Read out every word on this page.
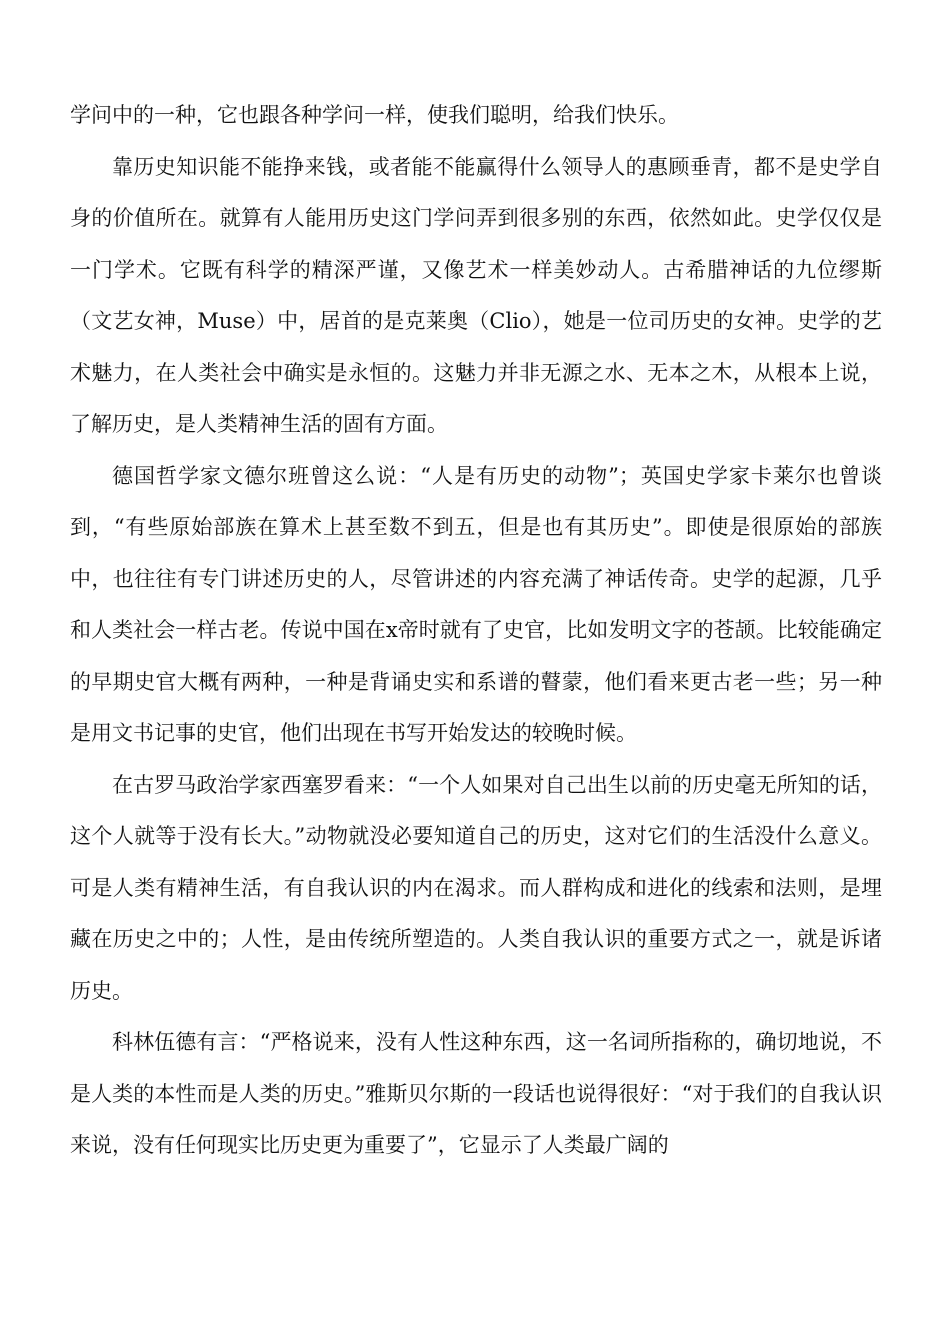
学问中的一种，它也跟各种学问一样，使我们聪明，给我们快乐。

靠历史知识能不能挣来钱，或者能不能赢得什么领导人的惠顾垂青，都不是史学自身的价值所在。就算有人能用历史这门学问弄到很多别的东西，依然如此。史学仅仅是一门学术。它既有科学的精深严谨，又像艺术一样美妙动人。古希腊神话的九位缪斯（文艺女神，Muse）中，居首的是克莱奥（Clio），她是一位司历史的女神。史学的艺术魅力，在人类社会中确实是永恒的。这魅力并非无源之水、无本之木，从根本上说，了解历史，是人类精神生活的固有方面。

德国哲学家文德尔班曾这么说：“人是有历史的动物”；英国史学家卡莱尔也曾谈到，“有些原始部族在算术上甚至数不到五，但是也有其历史”。即使是很原始的部族中，也往往有专门讲述历史的人，尽管讲述的内容充满了神话传奇。史学的起源，几乎和人类社会一样古老。传说中国在x帝时就有了史官，比如发明文字的苍颉。比较能确定的早期史官大概有两种，一种是背诵史实和系谱的瞽蒙，他们看来更古老一些；另一种是用文书记事的史官，他们出现在书写开始发达的较晚时候。

在古罗马政治学家西塞罗看来：“一个人如果对自己出生以前的历史毫无所知的话，这个人就等于没有长大。”动物就没必要知道自己的历史，这对它们的生活没什么意义。可是人类有精神生活，有自我认识的内在渴求。而人群构成和进化的线索和法则，是埋藏在历史之中的；人性，是由传统所塑造的。人类自我认识的重要方式之一，就是诉诸历史。

科林伍德有言：“严格说来，没有人性这种东西，这一名词所指称的，确切地说，不是人类的本性而是人类的历史。”雅斯贝尔斯的一段话也说得很好：“对于我们的自我认识来说，没有任何现实比历史更为重要了”，它显示了人类最广阔的
